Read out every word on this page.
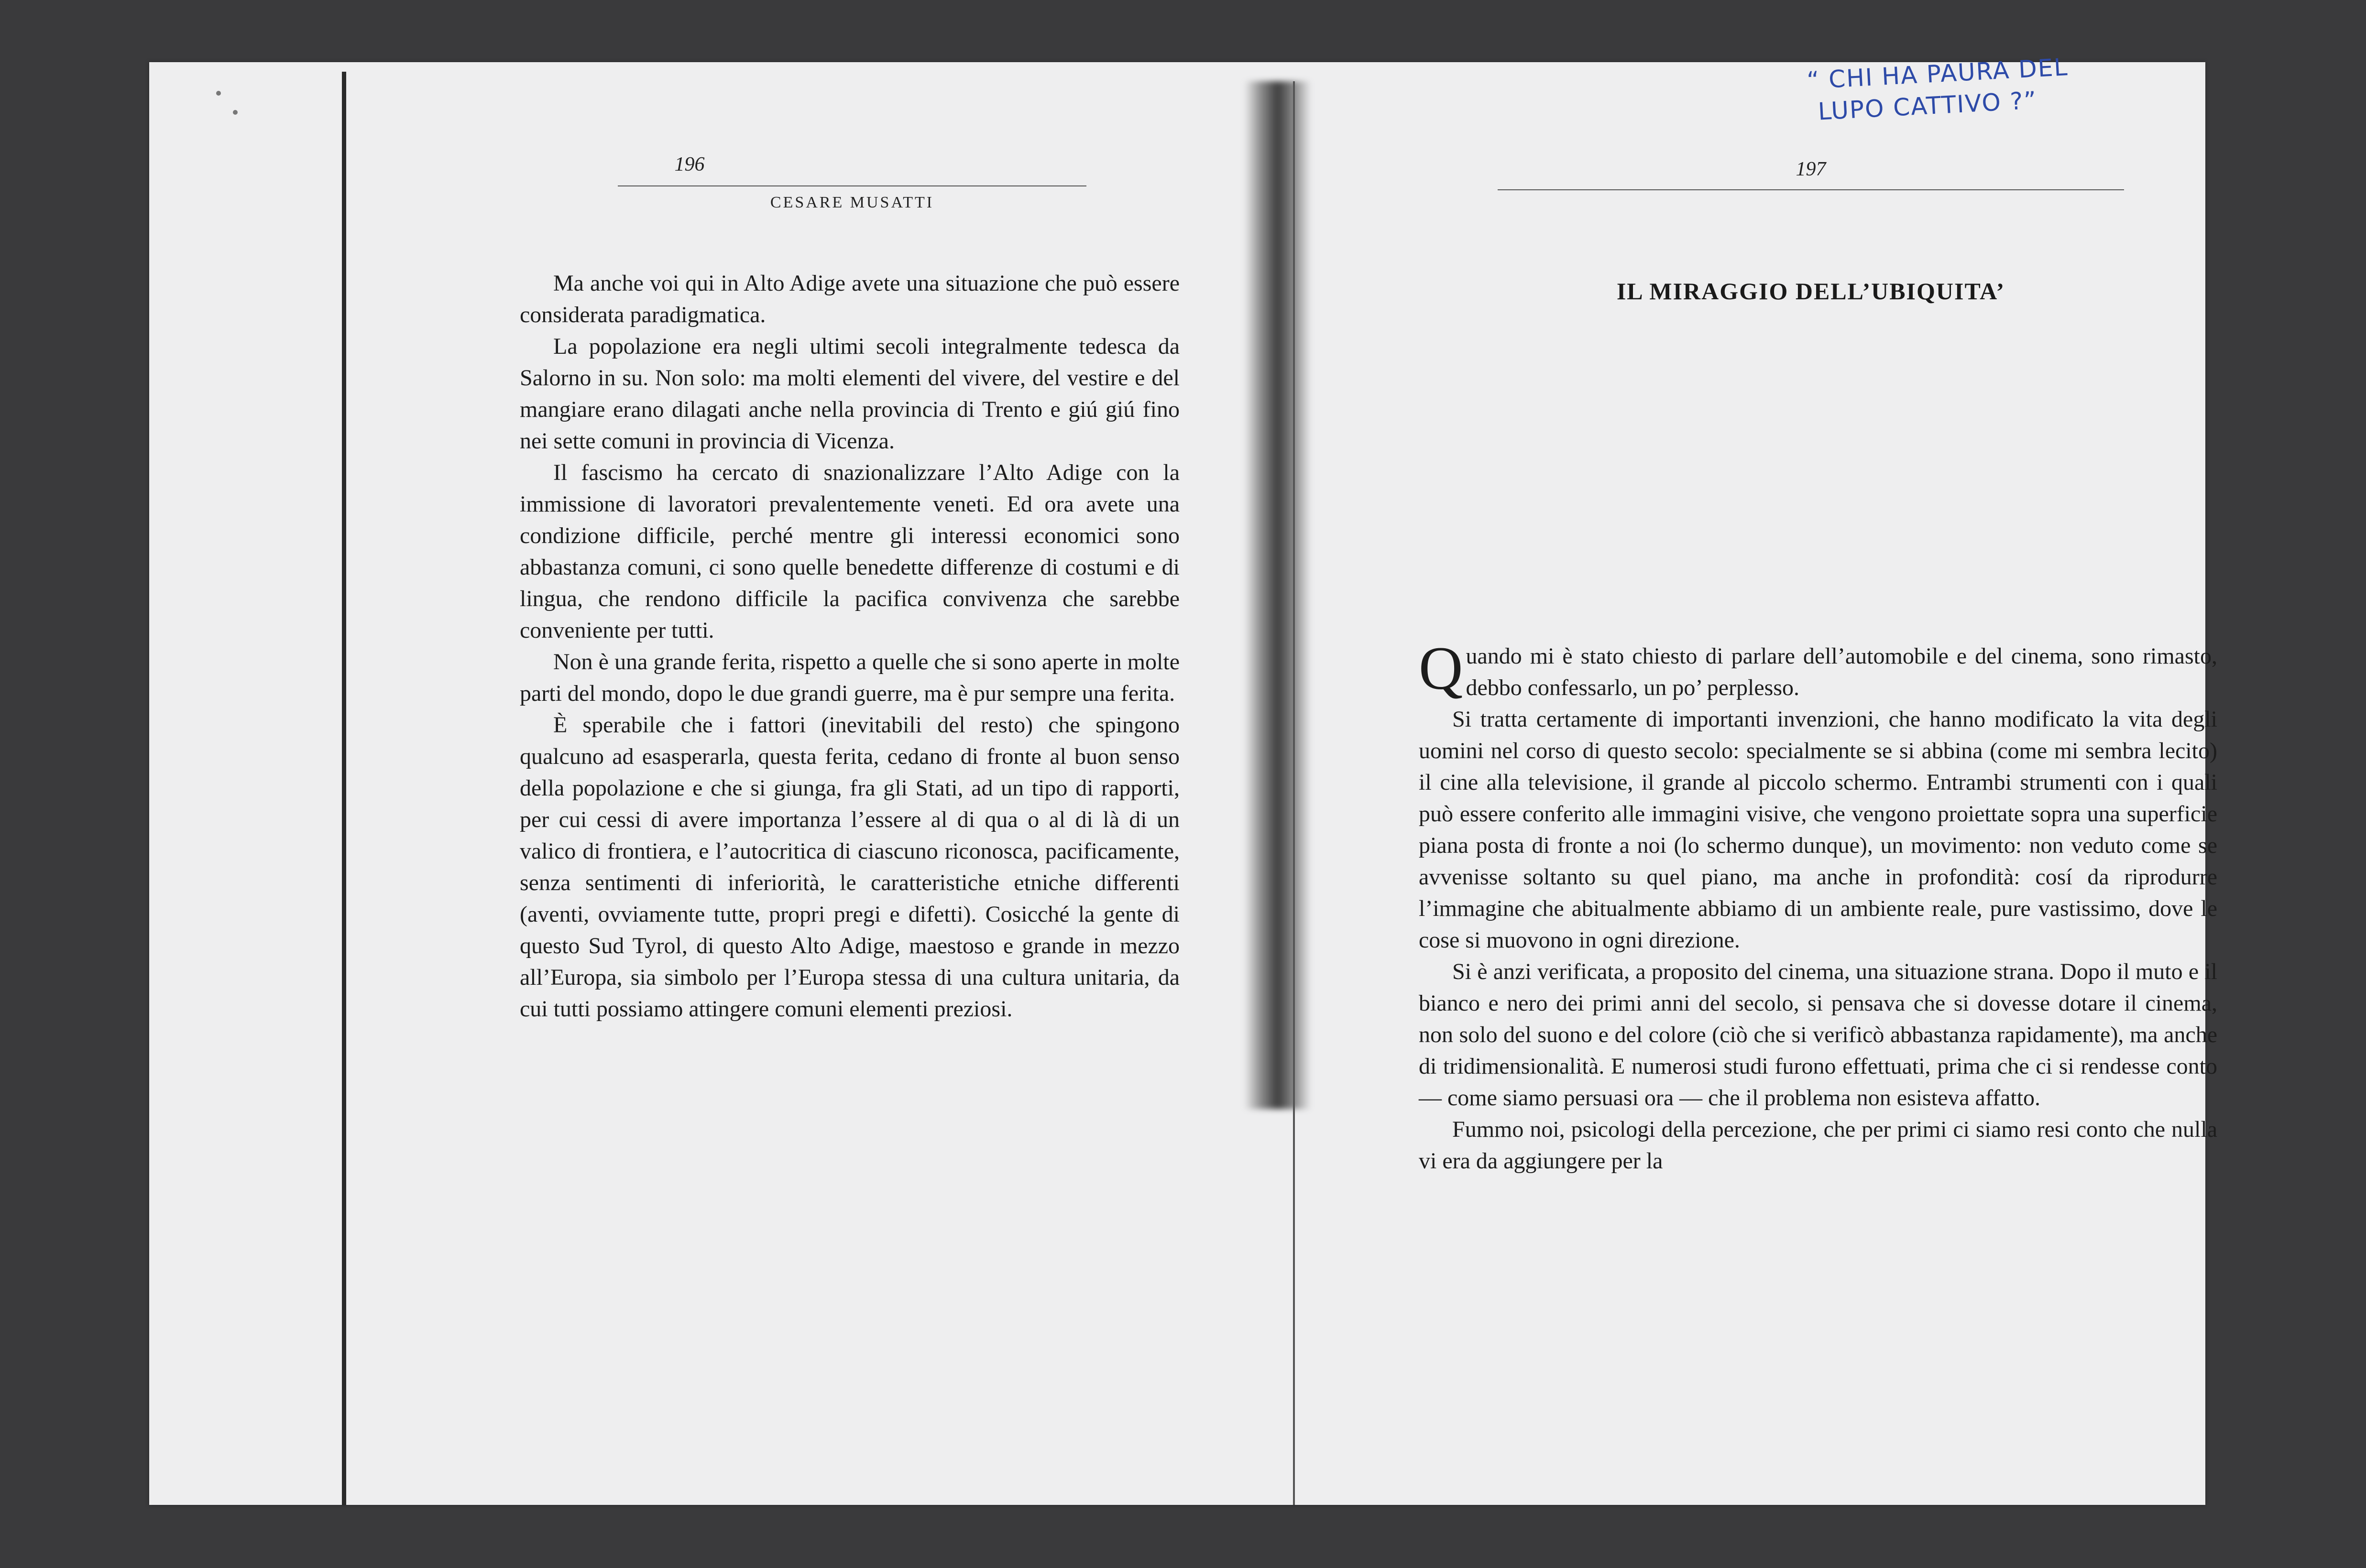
196
CESARE MUSATTI

Ma anche voi qui in Alto Adige avete una situazione che può essere considerata paradigmatica.

La popolazione era negli ultimi secoli integralmente tedesca da Salorno in su. Non solo: ma molti elementi del vivere, del vestire e del mangiare erano dilagati anche nella provincia di Trento e giú giú fino nei sette comuni in provincia di Vicenza.

Il fascismo ha cercato di snazionalizzare l’Alto Adige con la immissione di lavoratori prevalentemente veneti. Ed ora avete una condizione difficile, perché mentre gli interessi economici sono abbastanza comuni, ci sono quelle benedette differenze di costumi e di lingua, che rendono difficile la pacifica convivenza che sarebbe conveniente per tutti.

Non è una grande ferita, rispetto a quelle che si sono aperte in molte parti del mondo, dopo le due grandi guerre, ma è pur sempre una ferita.

È sperabile che i fattori (inevitabili del resto) che spingono qualcuno ad esasperarla, questa ferita, cedano di fronte al buon senso della popolazione e che si giunga, fra gli Stati, ad un tipo di rapporti, per cui cessi di avere importanza l’essere al di qua o al di là di un valico di frontiera, e l’autocritica di ciascuno riconosca, pacificamente, senza sentimenti di inferiorità, le caratteristiche etniche differenti (aventi, ovviamente tutte, propri pregi e difetti). Cosicché la gente di questo Sud Tyrol, di questo Alto Adige, maestoso e grande in mezzo all’Europa, sia simbolo per l’Europa stessa di una cultura unitaria, da cui tutti possiamo attingere comuni elementi preziosi.

197
IL MIRAGGIO DELL’UBIQUITA’

Quando mi è stato chiesto di parlare dell’automobile e del cinema, sono rimasto, debbo confessarlo, un po’ perplesso.

Si tratta certamente di importanti invenzioni, che hanno modificato la vita degli uomini nel corso di questo secolo: specialmente se si abbina (come mi sembra lecito) il cine alla televisione, il grande al piccolo schermo. Entrambi strumenti con i quali può essere conferito alle immagini visive, che vengono proiettate sopra una superficie piana posta di fronte a noi (lo schermo dunque), un movimento: non veduto come se avvenisse soltanto su quel piano, ma anche in profondità: cosí da riprodurre l’immagine che abitualmente abbiamo di un ambiente reale, pure vastissimo, dove le cose si muovono in ogni direzione.

Si è anzi verificata, a proposito del cinema, una situazione strana. Dopo il muto e il bianco e nero dei primi anni del secolo, si pensava che si dovesse dotare il cinema, non solo del suono e del colore (ciò che si verificò abbastanza rapidamente), ma anche di tridimensionalità. E numerosi studi furono effettuati, prima che ci si rendesse conto — come siamo persuasi ora — che il problema non esisteva affatto.

Fummo noi, psicologi della percezione, che per primi ci siamo resi conto che nulla vi era da aggiungere per la

“ CHI HA PAURA DEL
LUPO CATTIVO ?”
